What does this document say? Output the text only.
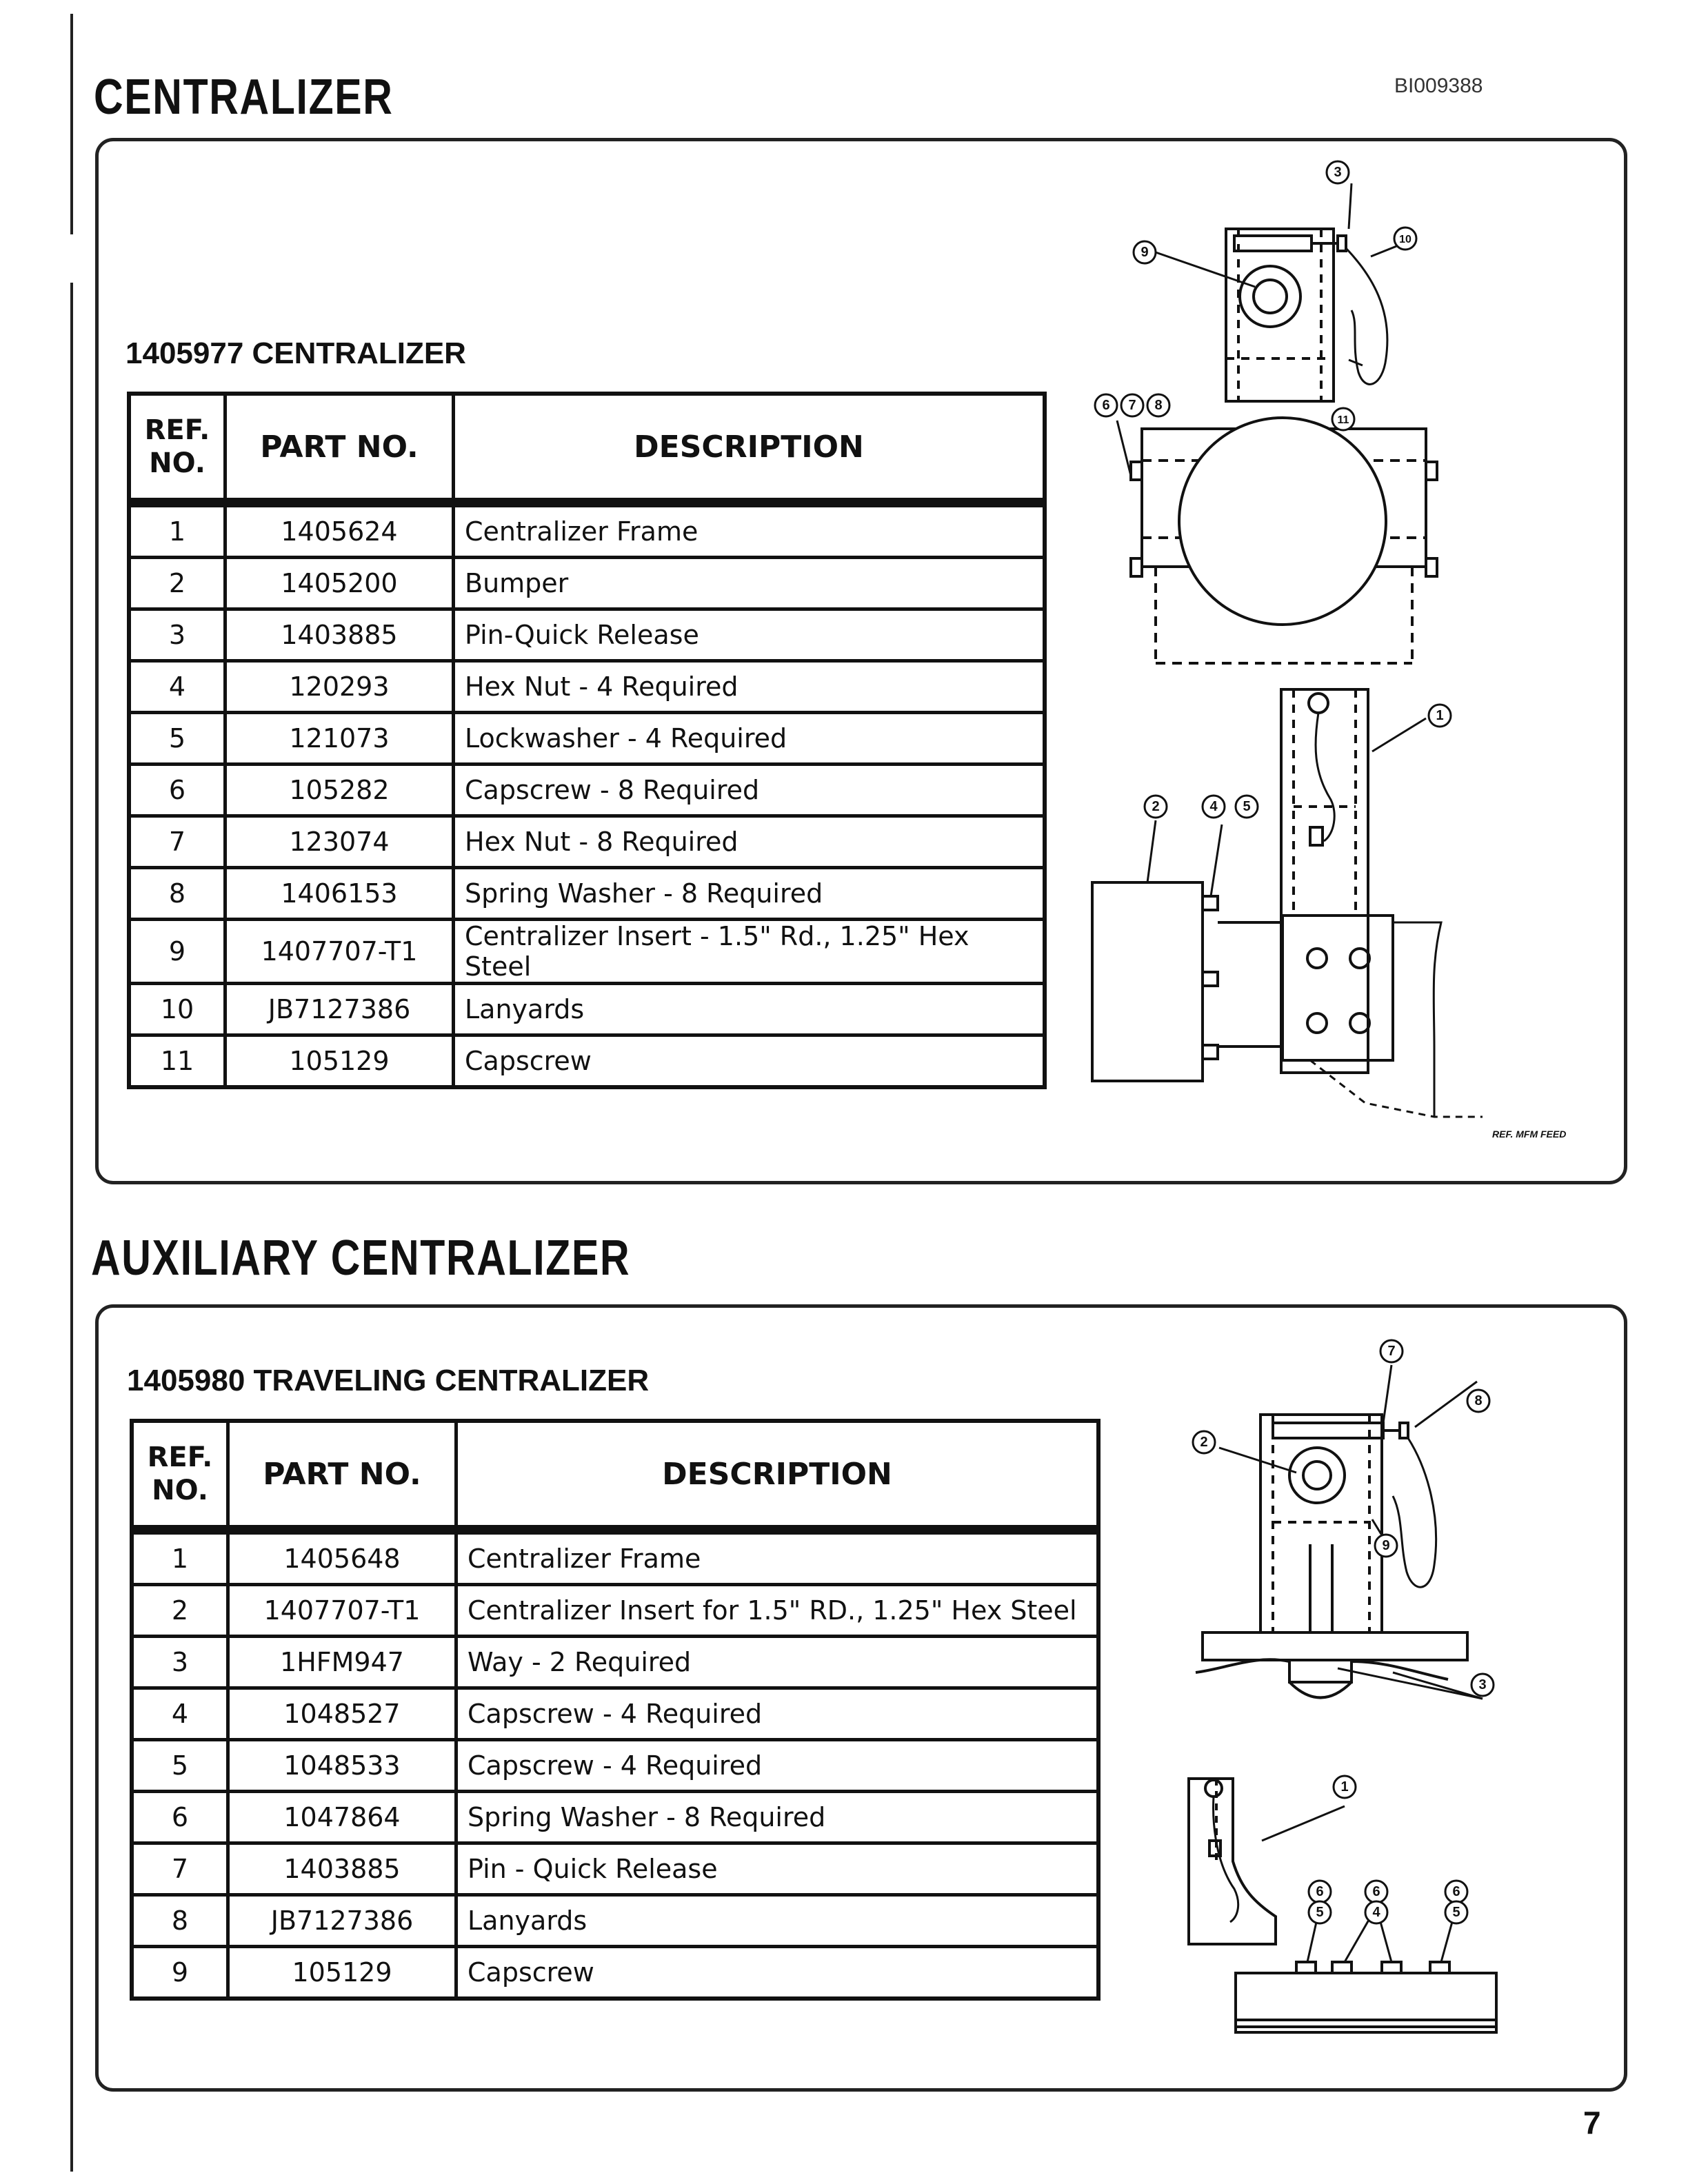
CENTRALIZER	BI009388
1405977 CENTRALIZER
REF. NO.	PART NO.	DESCRIPTION
1	1405624	Centralizer Frame
2	1405200	Bumper
3	1403885	Pin-Quick Release
4	120293	Hex Nut - 4 Required
5	121073	Lockwasher - 4 Required
6	105282	Capscrew - 8 Required
7	123074	Hex Nut - 8 Required
8	1406153	Spring Washer - 8 Required
9	1407707-T1	Centralizer Insert - 1.5" Rd., 1.25" Hex Steel
10	JB7127386	Lanyards
11	105129	Capscrew
3
9
10
6 7 8
11
1
2	4 5
REF. MFM FEED
AUXILIARY CENTRALIZER
1405980 TRAVELING CENTRALIZER
REF. NO.	PART NO.	DESCRIPTION
1	1405648	Centralizer Frame
2	1407707-T1	Centralizer Insert for 1.5" RD., 1.25" Hex Steel
3	1HFM947	Way - 2 Required
4	1048527	Capscrew - 4 Required
5	1048533	Capscrew - 4 Required
6	1047864	Spring Washer - 8 Required
7	1403885	Pin - Quick Release
8	JB7127386	Lanyards
9	105129	Capscrew
7
8
2
9
3
1
6
5
6
4
6
5
7
